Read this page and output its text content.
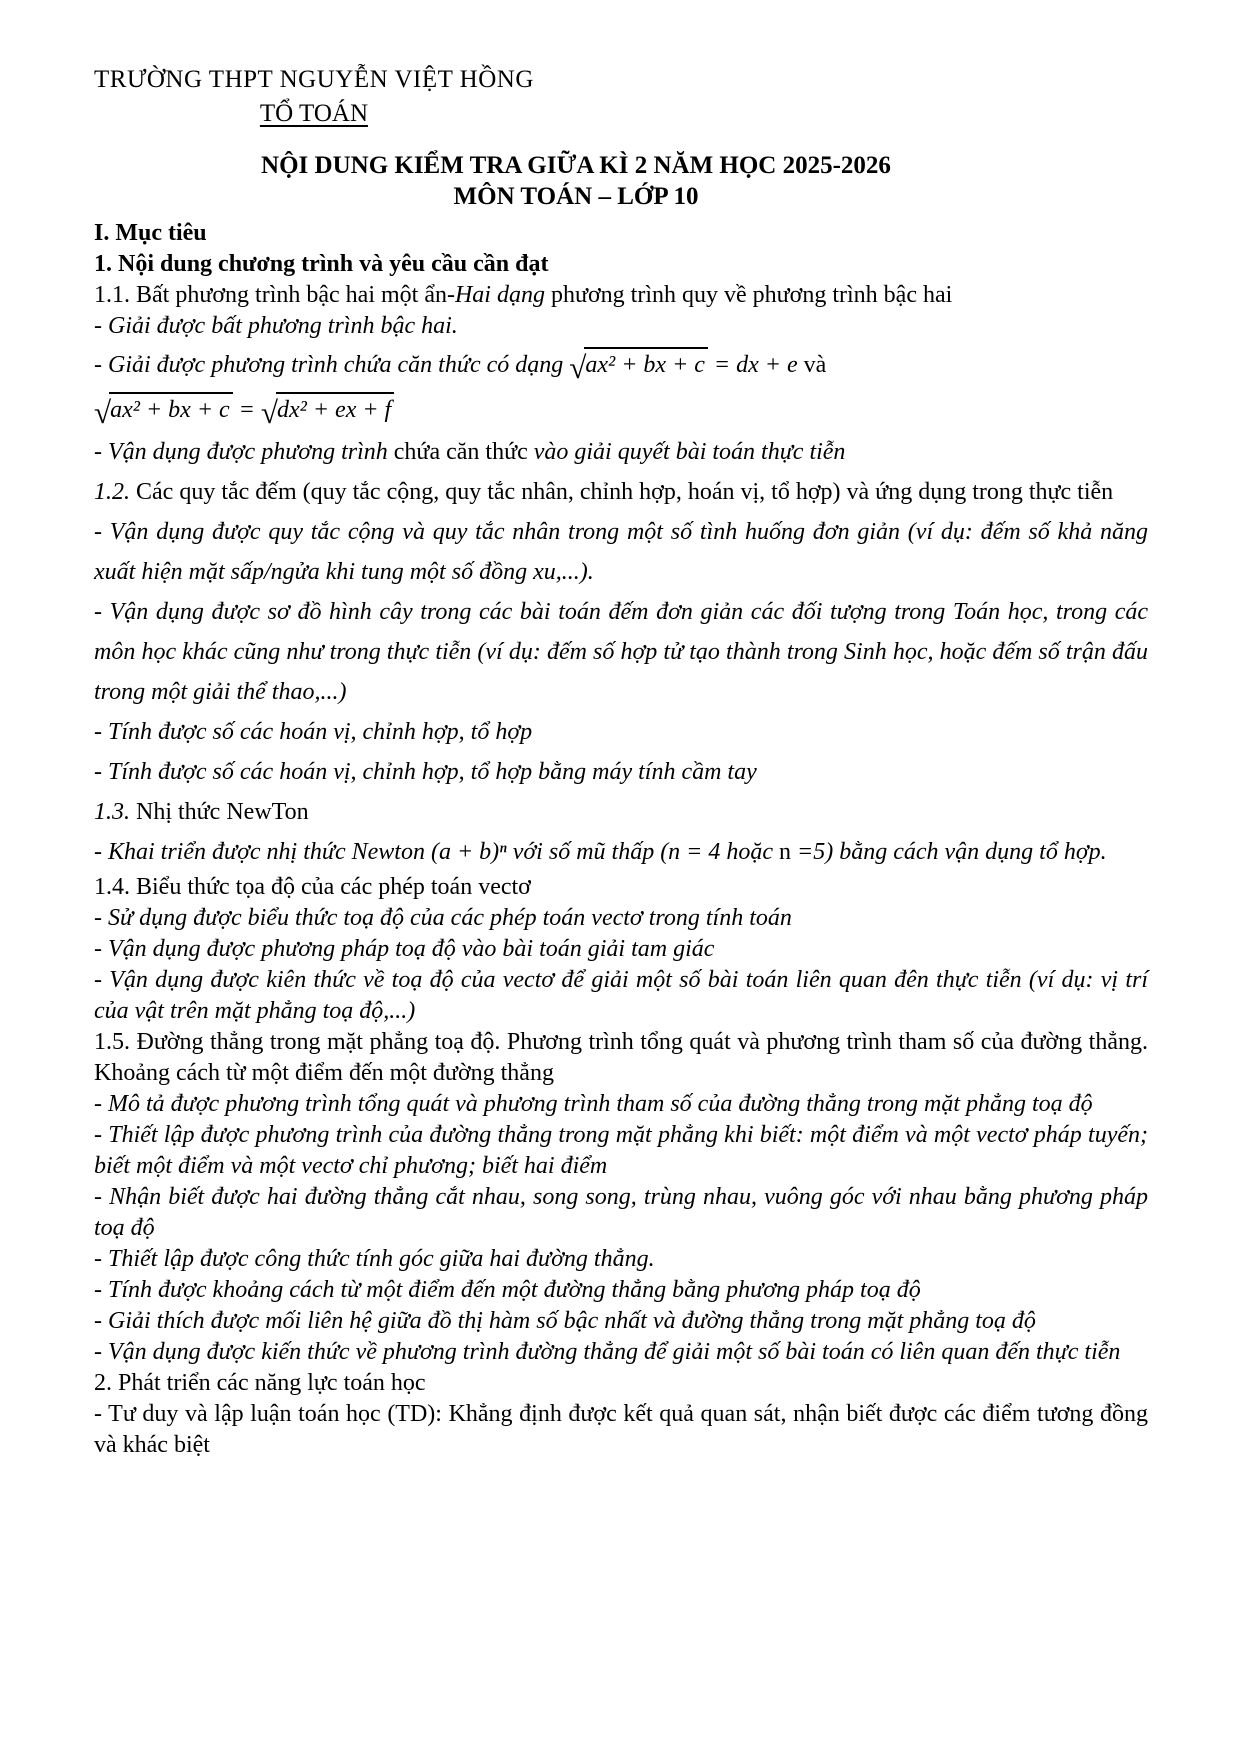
TRƯỜNG THPT NGUYỄN VIỆT HỒNG
TỔ TOÁN
NỘI DUNG KIỂM TRA GIỮA KÌ 2 NĂM HỌC 2025-2026
MÔN TOÁN – LỚP 10

I. Mục tiêu

1. Nội dung chương trình và yêu cầu cần đạt

1.1. Bất phương trình bậc hai một ẩn-Hai dạng phương trình quy về phương trình bậc hai

- Giải được bất phương trình bậc hai.

- Giải được phương trình chứa căn thức có dạng √ ax² + bx + c = dx + e và

√ ax² + bx + c = √ dx² + ex + f

- Vận dụng được phương trình chứa căn thức vào giải quyết bài toán thực tiễn

1.2. Các quy tắc đếm (quy tắc cộng, quy tắc nhân, chỉnh hợp, hoán vị, tổ hợp) và ứng dụng trong thực tiễn

- Vận dụng được quy tắc cộng và quy tắc nhân trong một số tình huống đơn giản (ví dụ: đếm số khả năng xuất hiện mặt sấp/ngửa khi tung một số đồng xu,...).

- Vận dụng được sơ đồ hình cây trong các bài toán đếm đơn giản các đối tượng trong Toán học, trong các môn học khác cũng như trong thực tiễn (ví dụ: đếm số hợp tử tạo thành trong Sinh học, hoặc đếm số trận đấu trong một giải thể thao,...)

- Tính được số các hoán vị, chỉnh hợp, tổ hợp

- Tính được số các hoán vị, chỉnh hợp, tổ hợp bằng máy tính cầm tay

1.3. Nhị thức NewTon

- Khai triển được nhị thức Newton (a + b)ⁿ với số mũ thấp (n = 4 hoặc n =5) bằng cách vận dụng tổ hợp.

1.4. Biểu thức tọa độ của các phép toán vectơ

- Sử dụng được biểu thức toạ độ của các phép toán vectơ trong tính toán

- Vận dụng được phương pháp toạ độ vào bài toán giải tam giác

- Vận dụng được kiên thức về toạ độ của vectơ để giải một số bài toán liên quan đên thực tiễn (ví dụ: vị trí của vật trên mặt phẳng toạ độ,...)

1.5. Đường thẳng trong mặt phẳng toạ độ. Phương trình tổng quát và phương trình tham số của đường thẳng. Khoảng cách từ một điểm đến một đường thẳng

- Mô tả được phương trình tổng quát và phương trình tham số của đường thẳng trong mặt phẳng toạ độ

- Thiết lập được phương trình của đường thẳng trong mặt phẳng khi biết: một điểm và một vectơ pháp tuyến; biết một điểm và một vectơ chỉ phương; biết hai điểm

- Nhận biết được hai đường thẳng cắt nhau, song song, trùng nhau, vuông góc với nhau bằng phương pháp toạ độ

- Thiết lập được công thức tính góc giữa hai đường thẳng.

- Tính được khoảng cách từ một điểm đến một đường thẳng bằng phương pháp toạ độ

- Giải thích được mối liên hệ giữa đồ thị hàm số bậc nhất và đường thẳng trong mặt phẳng toạ độ

- Vận dụng được kiến thức về phương trình đường thẳng để giải một số bài toán có liên quan đến thực tiễn

2. Phát triển các năng lực toán học

- Tư duy và lập luận toán học (TD): Khẳng định được kết quả quan sát, nhận biết được các điểm tương đồng và khác biệt
